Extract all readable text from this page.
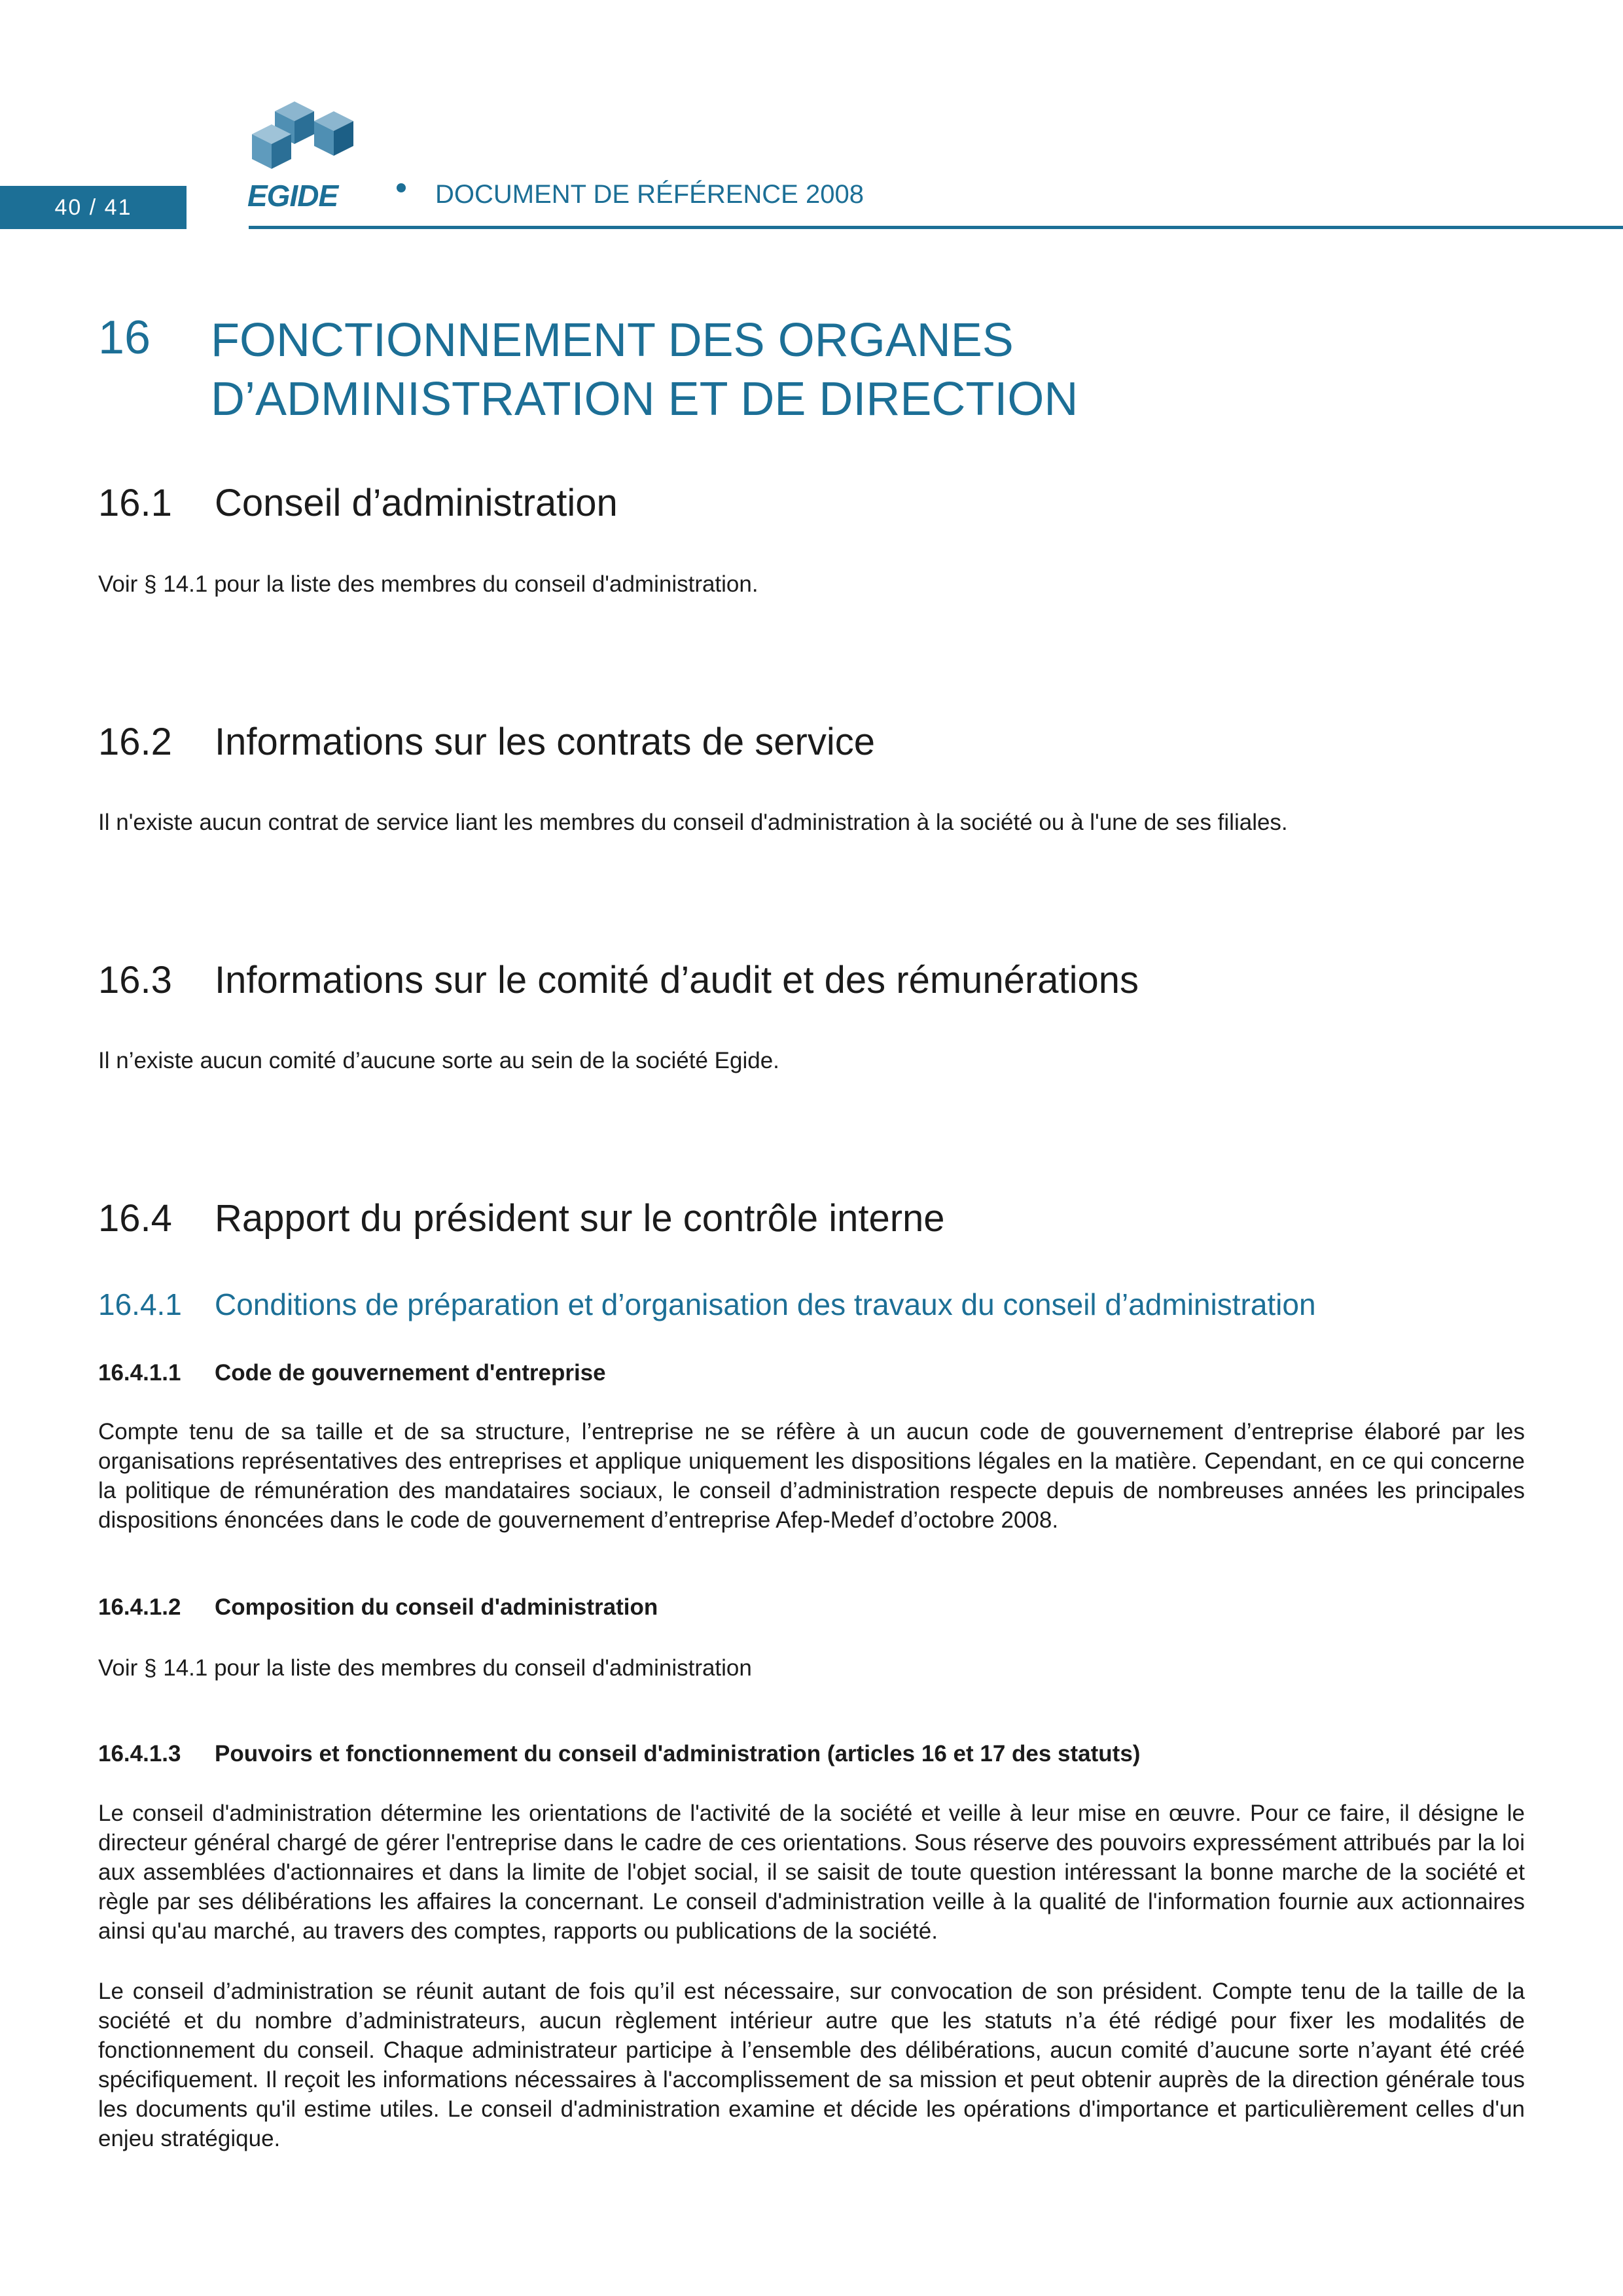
40 / 41	EGIDE	DOCUMENT DE RÉFÉRENCE 2008
16 FONCTIONNEMENT DES ORGANES D’ADMINISTRATION ET DE DIRECTION
16.1 Conseil d’administration
Voir § 14.1 pour la liste des membres du conseil d'administration.
16.2 Informations sur les contrats de service
Il n'existe aucun contrat de service liant les membres du conseil d'administration à la société ou à l'une de ses filiales.
16.3 Informations sur le comité d’audit et des rémunérations
Il n’existe aucun comité d’aucune sorte au sein de la société Egide.
16.4 Rapport du président sur le contrôle interne
16.4.1 Conditions de préparation et d’organisation des travaux du conseil d’administration
16.4.1.1 Code de gouvernement d'entreprise
Compte tenu de sa taille et de sa structure, l’entreprise ne se réfère à un aucun code de gouvernement d’entreprise élaboré par les organisations représentatives des entreprises et applique uniquement les dispositions légales en la matière. Cependant, en ce qui concerne la politique de rémunération des mandataires sociaux, le conseil d’administration respecte depuis de nombreuses années les principales dispositions énoncées dans le code de gouvernement d’entreprise Afep-Medef d’octobre 2008.
16.4.1.2 Composition du conseil d'administration
Voir § 14.1 pour la liste des membres du conseil d'administration
16.4.1.3 Pouvoirs et fonctionnement du conseil d'administration (articles 16 et 17 des statuts)
Le conseil d'administration détermine les orientations de l'activité de la société et veille à leur mise en œuvre. Pour ce faire, il désigne le directeur général chargé de gérer l'entreprise dans le cadre de ces orientations. Sous réserve des pouvoirs expressément attribués par la loi aux assemblées d'actionnaires et dans la limite de l'objet social, il se saisit de toute question intéressant la bonne marche de la société et règle par ses délibérations les affaires la concernant. Le conseil d'administration veille à la qualité de l'information fournie aux actionnaires ainsi qu'au marché, au travers des comptes, rapports ou publications de la société.
Le conseil d’administration se réunit autant de fois qu’il est nécessaire, sur convocation de son président. Compte tenu de la taille de la société et du nombre d’administrateurs, aucun règlement intérieur autre que les statuts n’a été rédigé pour fixer les modalités de fonctionnement du conseil. Chaque administrateur participe à l’ensemble des délibérations, aucun comité d’aucune sorte n’ayant été créé spécifiquement. Il reçoit les informations nécessaires à l'accomplissement de sa mission et peut obtenir auprès de la direction générale tous les documents qu'il estime utiles. Le conseil d'administration examine et décide les opérations d'importance et particulièrement celles d'un enjeu stratégique.
